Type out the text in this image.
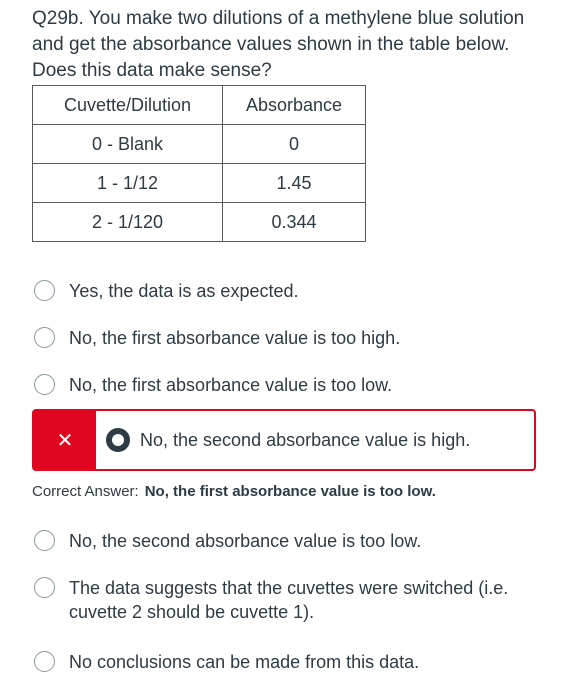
Q29b. You make two dilutions of a methylene blue solution and get the absorbance values shown in the table below. Does this data make sense?
Cuvette/Dilution	Absorbance
0 - Blank	0
1 - 1/12	1.45
2 - 1/120	0.344
Yes, the data is as expected.
No, the first absorbance value is too high.
No, the first absorbance value is too low.
✕	No, the second absorbance value is high.
Correct Answer: No, the first absorbance value is too low.
No, the second absorbance value is too low.
The data suggests that the cuvettes were switched (i.e. cuvette 2 should be cuvette 1).
No conclusions can be made from this data.
